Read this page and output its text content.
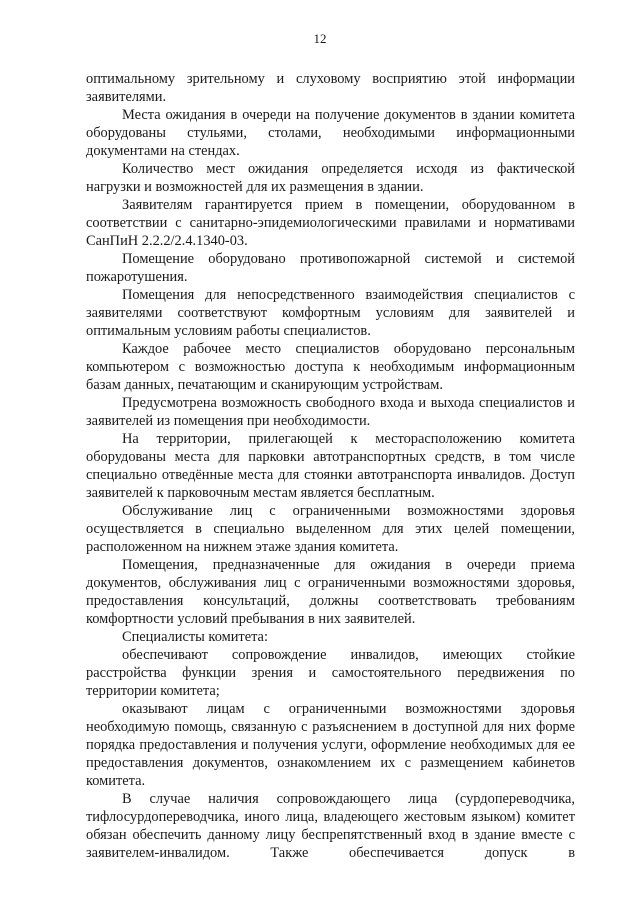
12

оптимальному зрительному и слуховому восприятию этой информации заявителями.

Места ожидания в очереди на получение документов в здании комитета оборудованы стульями, столами, необходимыми информационными документами на стендах.

Количество мест ожидания определяется исходя из фактической нагрузки и возможностей для их размещения в здании.

Заявителям гарантируется прием в помещении, оборудованном в соответствии с санитарно-эпидемиологическими правилами и нормативами СанПиН 2.2.2/2.4.1340-03.

Помещение оборудовано противопожарной системой и системой пожаротушения.

Помещения для непосредственного взаимодействия специалистов с заявителями соответствуют комфортным условиям для заявителей и оптимальным условиям работы специалистов.

Каждое рабочее место специалистов оборудовано персональным компьютером с возможностью доступа к необходимым информационным базам данных, печатающим и сканирующим устройствам.

Предусмотрена возможность свободного входа и выхода специалистов и заявителей из помещения при необходимости.

На территории, прилегающей к месторасположению комитета оборудованы места для парковки автотранспортных средств, в том числе специально отведённые места для стоянки автотранспорта инвалидов. Доступ заявителей к парковочным местам является бесплатным.

Обслуживание лиц с ограниченными возможностями здоровья осуществляется в специально выделенном для этих целей помещении, расположенном на нижнем этаже здания комитета.

Помещения, предназначенные для ожидания в очереди приема документов, обслуживания лиц с ограниченными возможностями здоровья, предоставления консультаций, должны соответствовать требованиям комфортности условий пребывания в них заявителей.

Специалисты комитета:

обеспечивают сопровождение инвалидов, имеющих стойкие расстройства функции зрения и самостоятельного передвижения по территории комитета;

оказывают лицам с ограниченными возможностями здоровья необходимую помощь, связанную с разъяснением в доступной для них форме порядка предоставления и получения услуги, оформление необходимых для ее предоставления документов, ознакомлением их с размещением кабинетов комитета.

В случае наличия сопровождающего лица (сурдопереводчика, тифлосурдопереводчика, иного лица, владеющего жестовым языком) комитет обязан обеспечить данному лицу беспрепятственный вход в здание вместе с заявителем-инвалидом. Также обеспечивается допуск в
